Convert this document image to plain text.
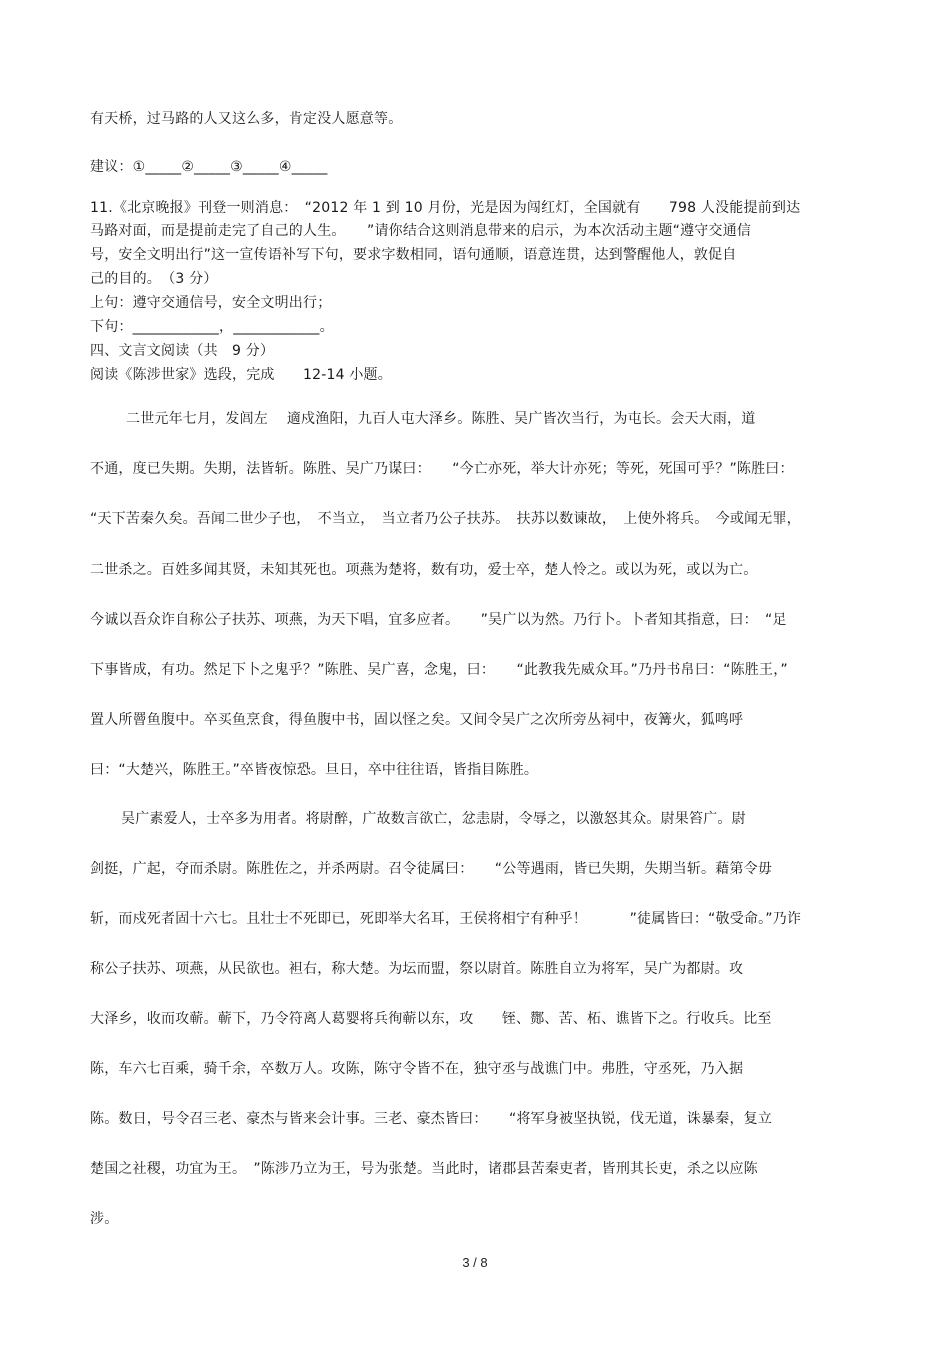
有天桥，过马路的人又这么多，肯定没人愿意等。
建议：①_____②_____③_____④_____
11.《北京晚报》刊登一则消息：　“2012 年 1 到 10 月份，光是因为闯红灯，全国就有　　798 人没能提前到达
马路对面，而是提前走完了自己的人生。　　”请你结合这则消息带来的启示，为本次活动主题“遵守交通信
号，安全文明出行”这一宣传语补写下句，要求字数相同，语句通顺，语意连贯，达到警醒他人，敦促自
己的目的。　（3 分）
上句：遵守交通信号，安全文明出行；
下句：____________，____________。
四、文言文阅读（共　9 分）
阅读《陈涉世家》选段，完成　　12-14 小题。
二世元年七月，发闾左　 適戍渔阳，九百人屯大泽乡。陈胜、吴广皆次当行，为屯长。会天大雨，道
不通，度已失期。失期，法皆斩。陈胜、吴广乃谋曰：　　“今亡亦死，举大计亦死；等死，死国可乎？”陈胜曰：
“天下苦秦久矣。吾闻二世少子也，　不当立，　当立者乃公子扶苏。　扶苏以数谏故，　上使外将兵。　今或闻无罪，
二世杀之。百姓多闻其贤，未知其死也。项燕为楚将，数有功，爱士卒，楚人怜之。或以为死，或以为亡。
今诚以吾众诈自称公子扶苏、项燕，为天下唱，宜多应者。　　”吴广以为然。乃行卜。卜者知其指意，曰：　“足
下事皆成，有功。然足下卜之鬼乎？”陈胜、吴广喜，念鬼，曰：　　“此教我先威众耳。”乃丹书帛曰：“陈胜王，”
置人所罾鱼腹中。卒买鱼烹食，得鱼腹中书，固以怪之矣。又间令吴广之次所旁丛祠中，夜篝火，狐鸣呼
曰：“大楚兴，陈胜王。”卒皆夜惊恐。旦日，卒中往往语，皆指目陈胜。
吴广素爱人，士卒多为用者。将尉醉，广故数言欲亡，忿恚尉，令辱之，以激怒其众。尉果笞广。尉
剑挺，广起，夺而杀尉。陈胜佐之，并杀两尉。召令徒属曰：　　“公等遇雨，皆已失期，失期当斩。藉第令毋
斩，而戍死者固十六七。且壮士不死即已，死即举大名耳，王侯将相宁有种乎！　　　”徒属皆曰：“敬受命。”乃诈
称公子扶苏、项燕，从民欲也。袒右，称大楚。为坛而盟，祭以尉首。陈胜自立为将军，吴广为都尉。攻
大泽乡，收而攻蕲。蕲下，乃令符离人葛婴将兵徇蕲以东，攻　　铚、酂、苦、柘、谯皆下之。行收兵。比至
陈，车六七百乘，骑千余，卒数万人。攻陈，陈守令皆不在，独守丞与战谯门中。弗胜，守丞死，乃入据
陈。数日，号令召三老、豪杰与皆来会计事。三老、豪杰皆曰：　　“将军身被坚执锐，伐无道，诛暴秦，复立
楚国之社稷，功宜为王。　”陈涉乃立为王，号为张楚。当此时，诸郡县苦秦吏者，皆刑其长吏，杀之以应陈
涉。
3 / 8
